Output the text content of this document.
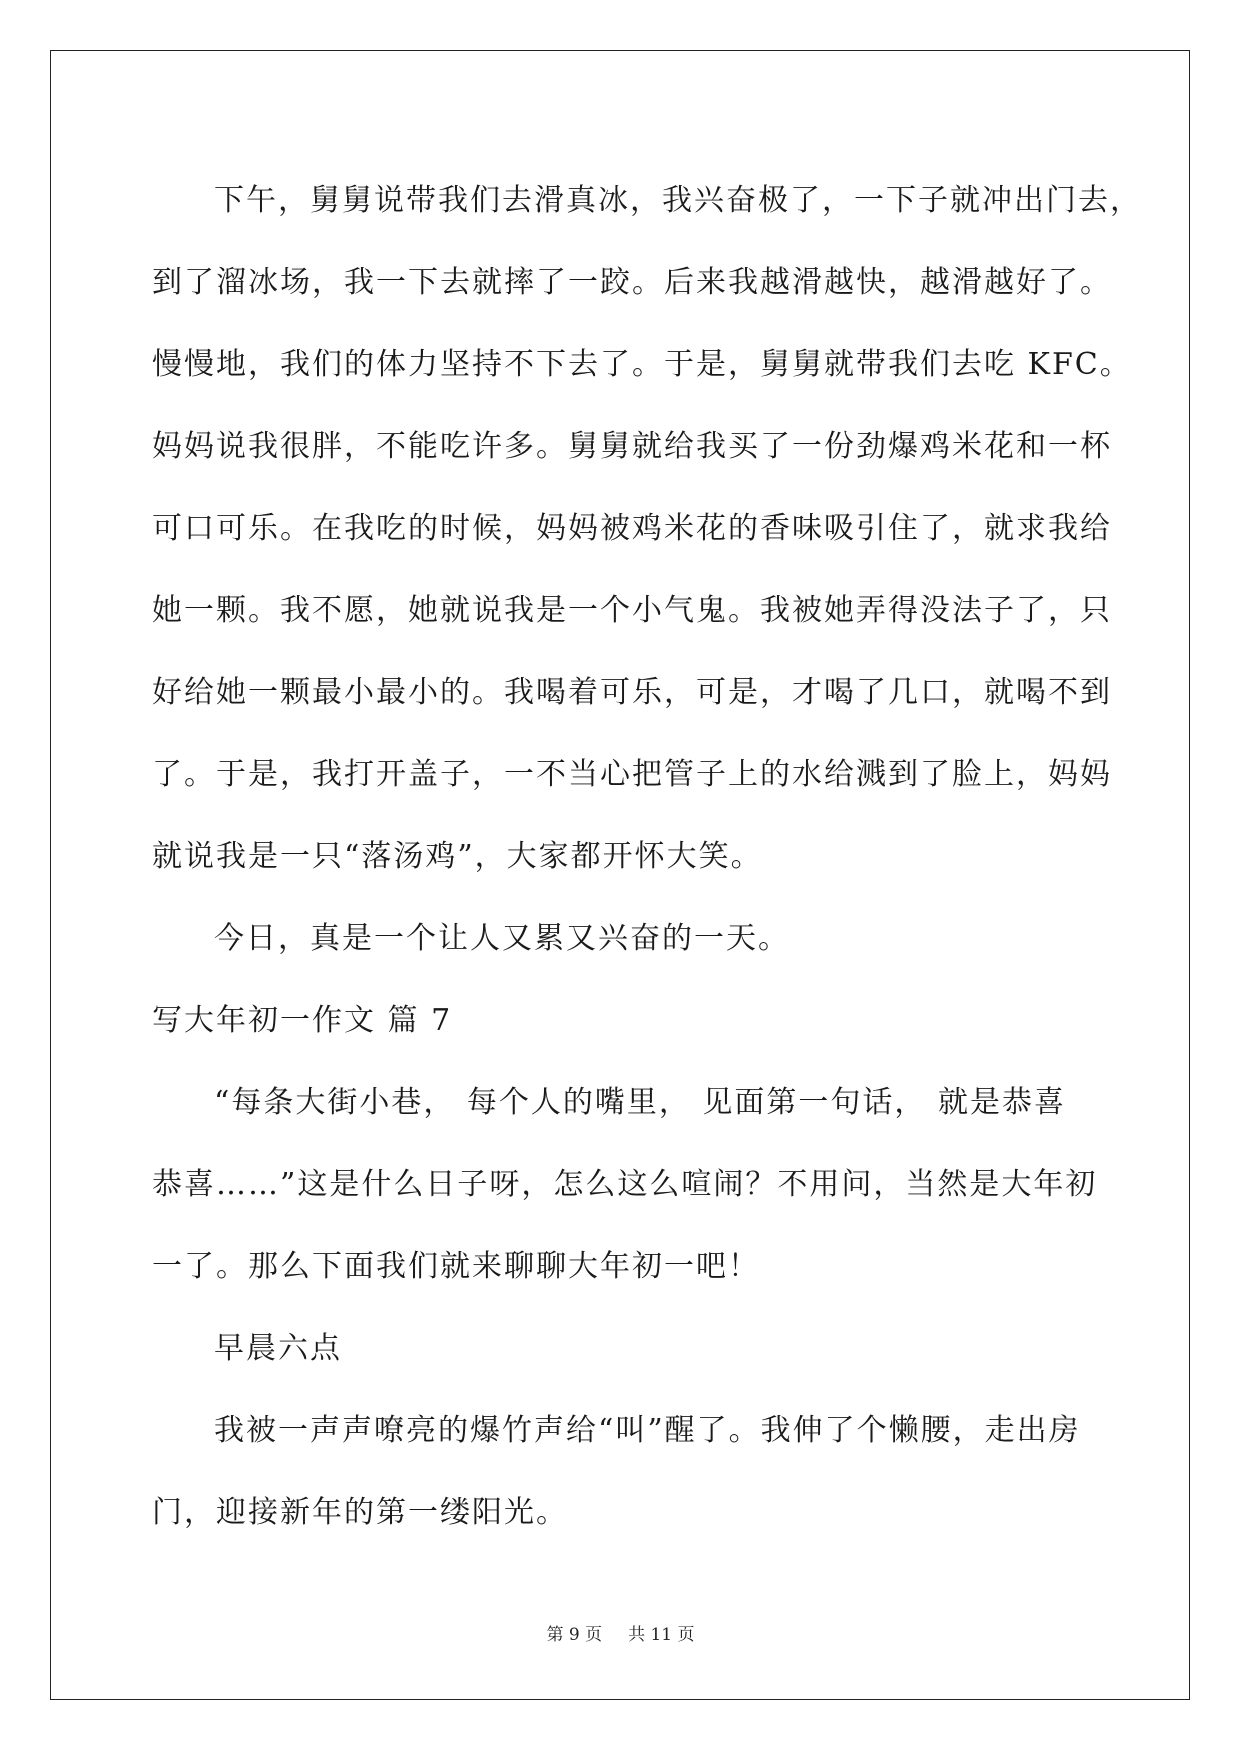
下午，舅舅说带我们去滑真冰，我兴奋极了，一下子就冲出门去，
到了溜冰场，我一下去就摔了一跤。后来我越滑越快，越滑越好了。
慢慢地，我们的体力坚持不下去了。于是，舅舅就带我们去吃 KFC。
妈妈说我很胖，不能吃许多。舅舅就给我买了一份劲爆鸡米花和一杯
可口可乐。在我吃的时候，妈妈被鸡米花的香味吸引住了，就求我给
她一颗。我不愿，她就说我是一个小气鬼。我被她弄得没法子了，只
好给她一颗最小最小的。我喝着可乐，可是，才喝了几口，就喝不到
了。于是，我打开盖子，一不当心把管子上的水给溅到了脸上，妈妈
就说我是一只“落汤鸡”，大家都开怀大笑。
今日，真是一个让人又累又兴奋的一天。
写大年初一作文 篇 7
“每条大街小巷， 每个人的嘴里， 见面第一句话， 就是恭喜
恭喜……”这是什么日子呀，怎么这么喧闹？不用问，当然是大年初
一了。那么下面我们就来聊聊大年初一吧！
早晨六点
我被一声声嘹亮的爆竹声给“叫”醒了。我伸了个懒腰，走出房
门，迎接新年的第一缕阳光。
第 9 页 共 11 页
